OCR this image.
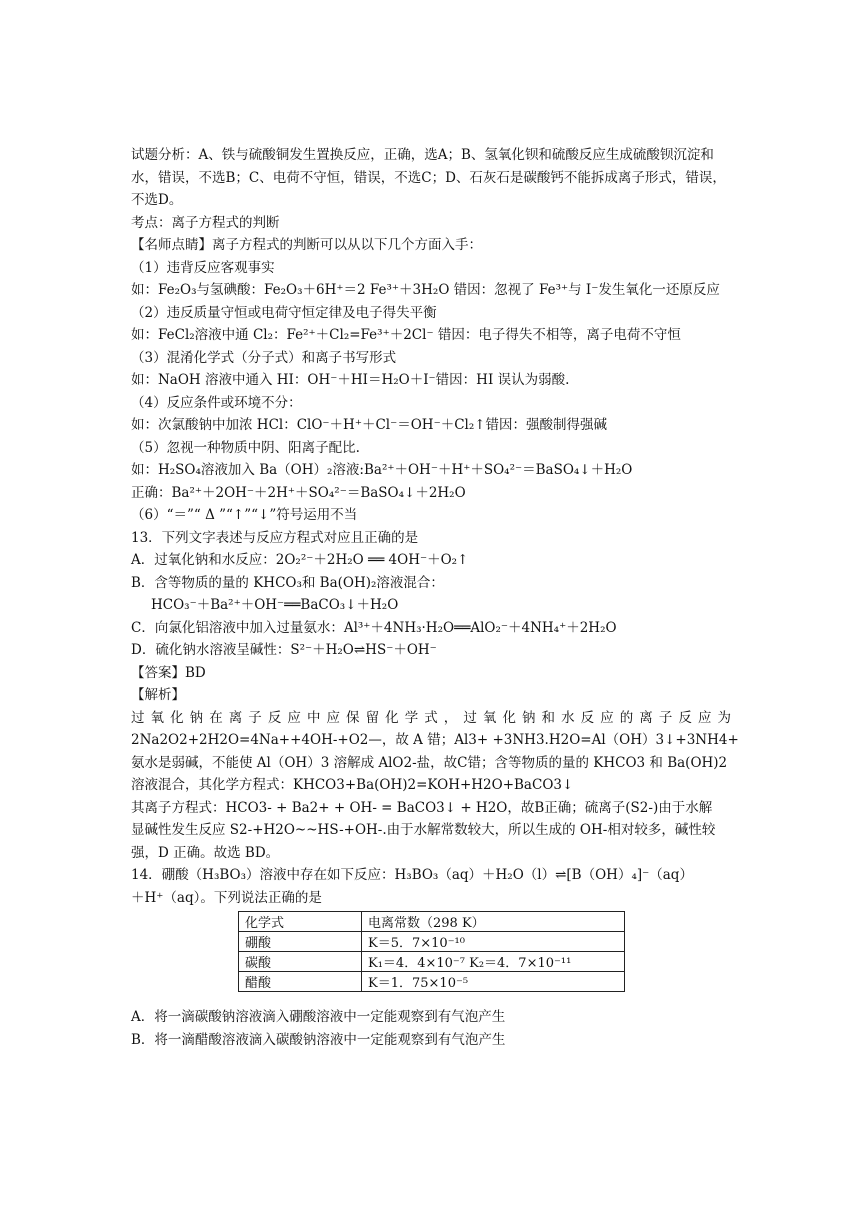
试题分析：A、铁与硫酸铜发生置换反应，正确，选A；B、氢氧化钡和硫酸反应生成硫酸钡沉淀和水，错误，不选B；C、电荷不守恒，错误，不选C；D、石灰石是碳酸钙不能拆成离子形式，错误，不选D。
考点：离子方程式的判断
【名师点睛】离子方程式的判断可以从以下几个方面入手：
（1）违背反应客观事实
如：Fe₂O₃与氢碘酸：Fe₂O₃＋6H⁺＝2 Fe³⁺＋3H₂O 错因：忽视了 Fe³⁺与 I⁻发生氧化一还原反应
（2）违反质量守恒或电荷守恒定律及电子得失平衡
如：FeCl₂溶液中通 Cl₂：Fe²⁺＋Cl₂=Fe³⁺＋2Cl⁻ 错因：电子得失不相等，离子电荷不守恒
（3）混淆化学式（分子式）和离子书写形式
如：NaOH 溶液中通入 HI：OH⁻＋HI＝H₂O＋I⁻错因：HI 误认为弱酸.
（4）反应条件或环境不分：
如：次氯酸钠中加浓 HCl：ClO⁻＋H⁺＋Cl⁻＝OH⁻＋Cl₂↑错因：强酸制得强碱
（5）忽视一种物质中阴、阳离子配比.
如：H₂SO₄溶液加入 Ba（OH）₂溶液:Ba²⁺＋OH⁻＋H⁺＋SO₄²⁻＝BaSO₄↓＋H₂O
正确：Ba²⁺＋2OH⁻＋2H⁺＋SO₄²⁻＝BaSO₄↓＋2H₂O
（6）“＝”“ Δ ”“↑”“↓”符号运用不当
13．下列文字表述与反应方程式对应且正确的是
A．过氧化钠和水反应：2O₂²⁻＋2H₂O ══ 4OH⁻＋O₂↑
B．含等物质的量的 KHCO₃和 Ba(OH)₂溶液混合：
HCO₃⁻＋Ba²⁺＋OH⁻══BaCO₃↓＋H₂O
C．向氯化铝溶液中加入过量氨水：Al³⁺＋4NH₃·H₂O══AlO₂⁻＋4NH₄⁺＋2H₂O
D．硫化钠水溶液呈碱性：S²⁻＋H₂O⇌HS⁻＋OH⁻
【答案】BD
【解析】
过氧化钠在离子反应中应保留化学式，过氧化钠和水反应的离子反应为
2Na2O2+2H2O=4Na++4OH-+O2—，故 A 错；Al3+ +3NH3.H2O=Al（OH）3↓+3NH4+
氨水是弱碱，不能使 Al（OH）3 溶解成 AlO2-盐，故C错；含等物质的量的 KHCO3 和 Ba(OH)2
溶液混合，其化学方程式：KHCO3+Ba(OH)2=KOH+H2O+BaCO3↓
其离子方程式：HCO3- + Ba2+ + OH- = BaCO3↓ + H2O，故B正确；硫离子(S2-)由于水解
显碱性发生反应 S2-+H2O~~HS-+OH-.由于水解常数较大，所以生成的 OH-相对较多，碱性较
强，D 正确。故选 BD。
14．硼酸（H₃BO₃）溶液中存在如下反应：H₃BO₃（aq）＋H₂O（l）⇌[B（OH）₄]⁻（aq）
＋H⁺（aq）。下列说法正确的是
化学式	电离常数（298 K）
硼酸	K＝5．7×10⁻¹⁰
碳酸	K₁＝4．4×10⁻⁷ K₂＝4．7×10⁻¹¹
醋酸	K＝1．75×10⁻⁵
A．将一滴碳酸钠溶液滴入硼酸溶液中一定能观察到有气泡产生
B．将一滴醋酸溶液滴入碳酸钠溶液中一定能观察到有气泡产生
